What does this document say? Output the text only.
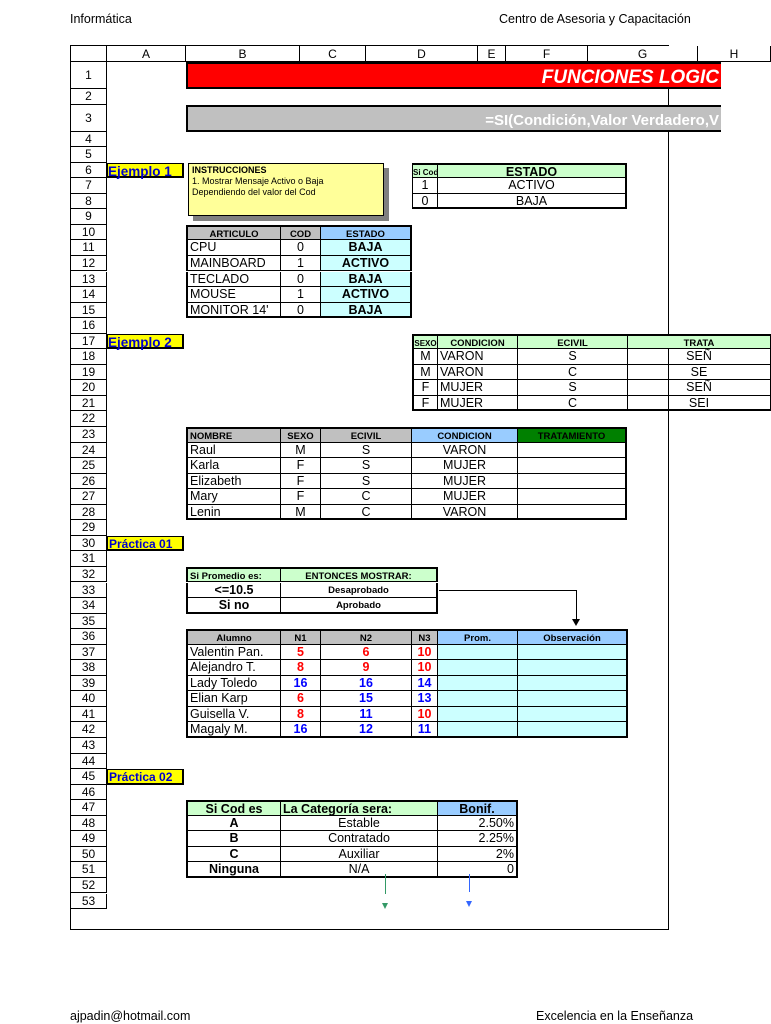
Informática	Centro de Asesoria y Capacitación
A	B	C	D	E	F	G	H
1
2
3
4
5
6
7
8
9
10
11
12
13
14
15
16
17
18
19
20
21
22
23
24
25
26
27
28
29
30
31
32
33
34
35
36
37
38
39
40
41
42
43
44
45
46
47
48
49
50
51
52
53
FUNCIONES LOGIC
=SI(Condición,Valor Verdadero,V
Ejemplo 1	INSTRUCCIONES
1. Mostrar Mensaje Activo o Baja
Dependiendo del valor del Cod
Si Cod	ESTADO
1	ACTIVO
0	BAJA
ARTICULO	COD	ESTADO
CPU	0	BAJA
MAINBOARD	1	ACTIVO
TECLADO	0	BAJA
MOUSE	1	ACTIVO
MONITOR 14'	0	BAJA
Ejemplo 2	SEXO	CONDICION	ECIVIL	TRATA
M VARON	S	SEÑ
M VARON	C	SE
F MUJER	S	SEÑ
F MUJER	C	SEI
NOMBRE	SEXO	ECIVIL	CONDICION	TRATAMIENTO
Raul	M	S	VARON
Karla	F	S	MUJER
Elizabeth	F	S	MUJER
Mary	F	C	MUJER
Lenin	M	C	VARON
Práctica 01
Si Promedio es:	ENTONCES MOSTRAR:
<=10.5	Desaprobado
Si no	Aprobado
Alumno	N1	N2	N3	Prom.	Observación
Valentin Pan.	5	6	10
Alejandro T.	8	9	10
Lady Toledo	16	16	14
Elian Karp	6	15	13
Guisella V.	8	11	10
Magaly M.	16	12	11
Práctica 02
Si Cod es	La Categoría sera:	Bonif.
A	Estable	2.50%
B	Contratado	2.25%
C	Auxiliar	2%
Ninguna	N/A	0
ajpadin@hotmail.com	Excelencia en la Enseñanza
